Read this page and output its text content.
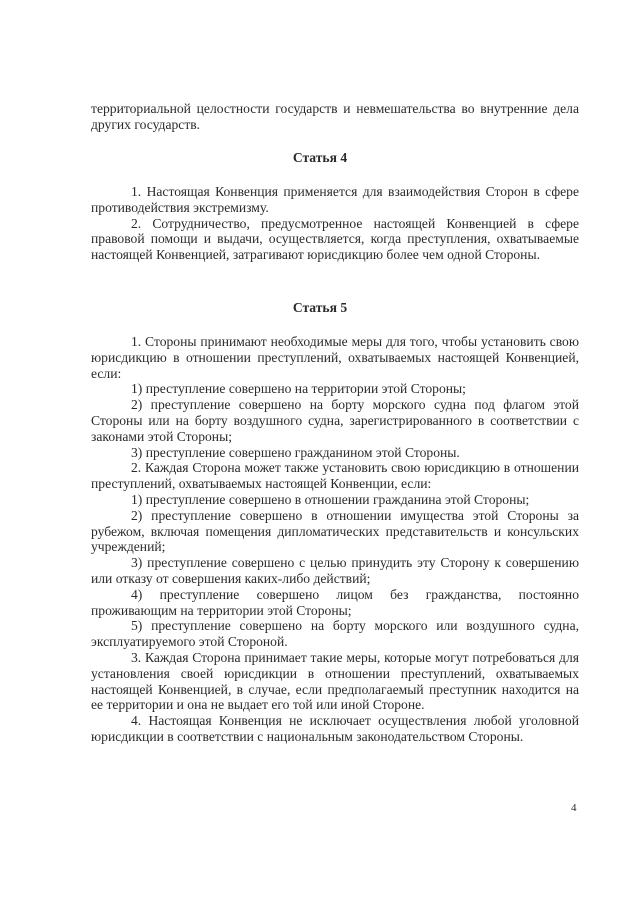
территориальной целостности государств и невмешательства во внутренние дела других государств.

Статья 4

1. Настоящая Конвенция применяется для взаимодействия Сторон в сфере противодействия экстремизму.

2. Сотрудничество, предусмотренное настоящей Конвенцией в сфере правовой помощи и выдачи, осуществляется, когда преступления, охватываемые настоящей Конвенцией, затрагивают юрисдикцию более чем одной Стороны.

Статья 5

1. Стороны принимают необходимые меры для того, чтобы установить свою юрисдикцию в отношении преступлений, охватываемых настоящей Конвенцией, если:

1) преступление совершено на территории этой Стороны;

2) преступление совершено на борту морского судна под флагом этой Стороны или на борту воздушного судна, зарегистрированного в соответствии с законами этой Стороны;

3) преступление совершено гражданином этой Стороны.

2. Каждая Сторона может также установить свою юрисдикцию в отношении преступлений, охватываемых настоящей Конвенции, если:

1) преступление совершено в отношении гражданина этой Стороны;

2) преступление совершено в отношении имущества этой Стороны за рубежом, включая помещения дипломатических представительств и консульских учреждений;

3) преступление совершено с целью принудить эту Сторону к совершению или отказу от совершения каких-либо действий;

4) преступление совершено лицом без гражданства, постоянно проживающим на территории этой Стороны;

5) преступление совершено на борту морского или воздушного судна, эксплуатируемого этой Стороной.

3. Каждая Сторона принимает такие меры, которые могут потребоваться для установления своей юрисдикции в отношении преступлений, охватываемых настоящей Конвенцией, в случае, если предполагаемый преступник находится на ее территории и она не выдает его той или иной Стороне.

4. Настоящая Конвенция не исключает осуществления любой уголовной юрисдикции в соответствии с национальным законодательством Стороны.

4
